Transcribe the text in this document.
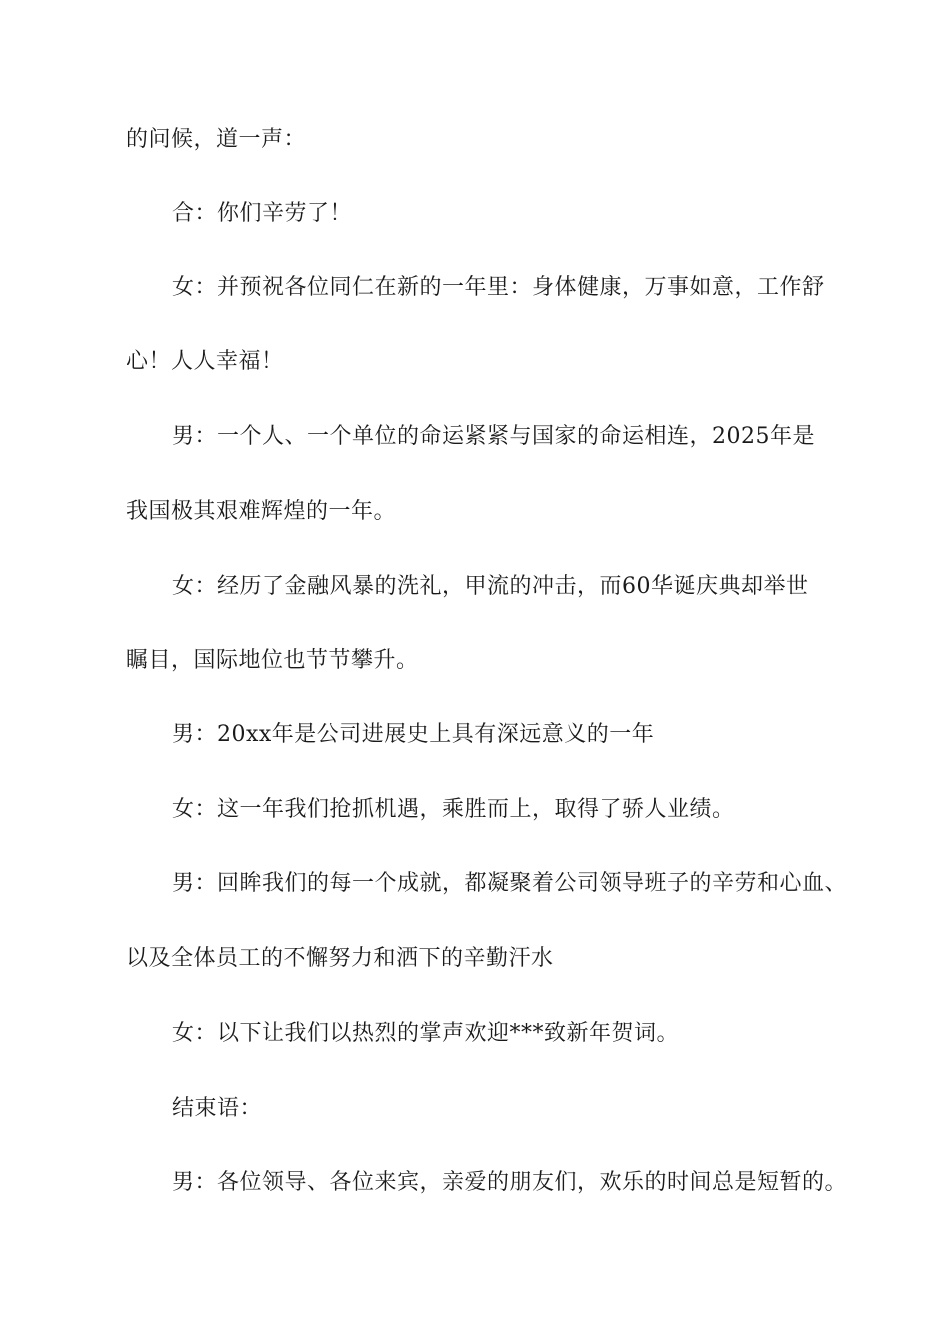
的问候，道一声：
合：你们辛劳了！
女：并预祝各位同仁在新的一年里：身体健康，万事如意，工作舒
心！人人幸福！
男：一个人、一个单位的命运紧紧与国家的命运相连，2025年是
我国极其艰难辉煌的一年。
女：经历了金融风暴的洗礼，甲流的冲击，而60华诞庆典却举世
瞩目，国际地位也节节攀升。
男：20xx年是公司进展史上具有深远意义的一年
女：这一年我们抢抓机遇，乘胜而上，取得了骄人业绩。
男：回眸我们的每一个成就，都凝聚着公司领导班子的辛劳和心血、
以及全体员工的不懈努力和洒下的辛勤汗水
女：以下让我们以热烈的掌声欢迎***致新年贺词。
结束语：
男：各位领导、各位来宾，亲爱的朋友们，欢乐的时间总是短暂的。
